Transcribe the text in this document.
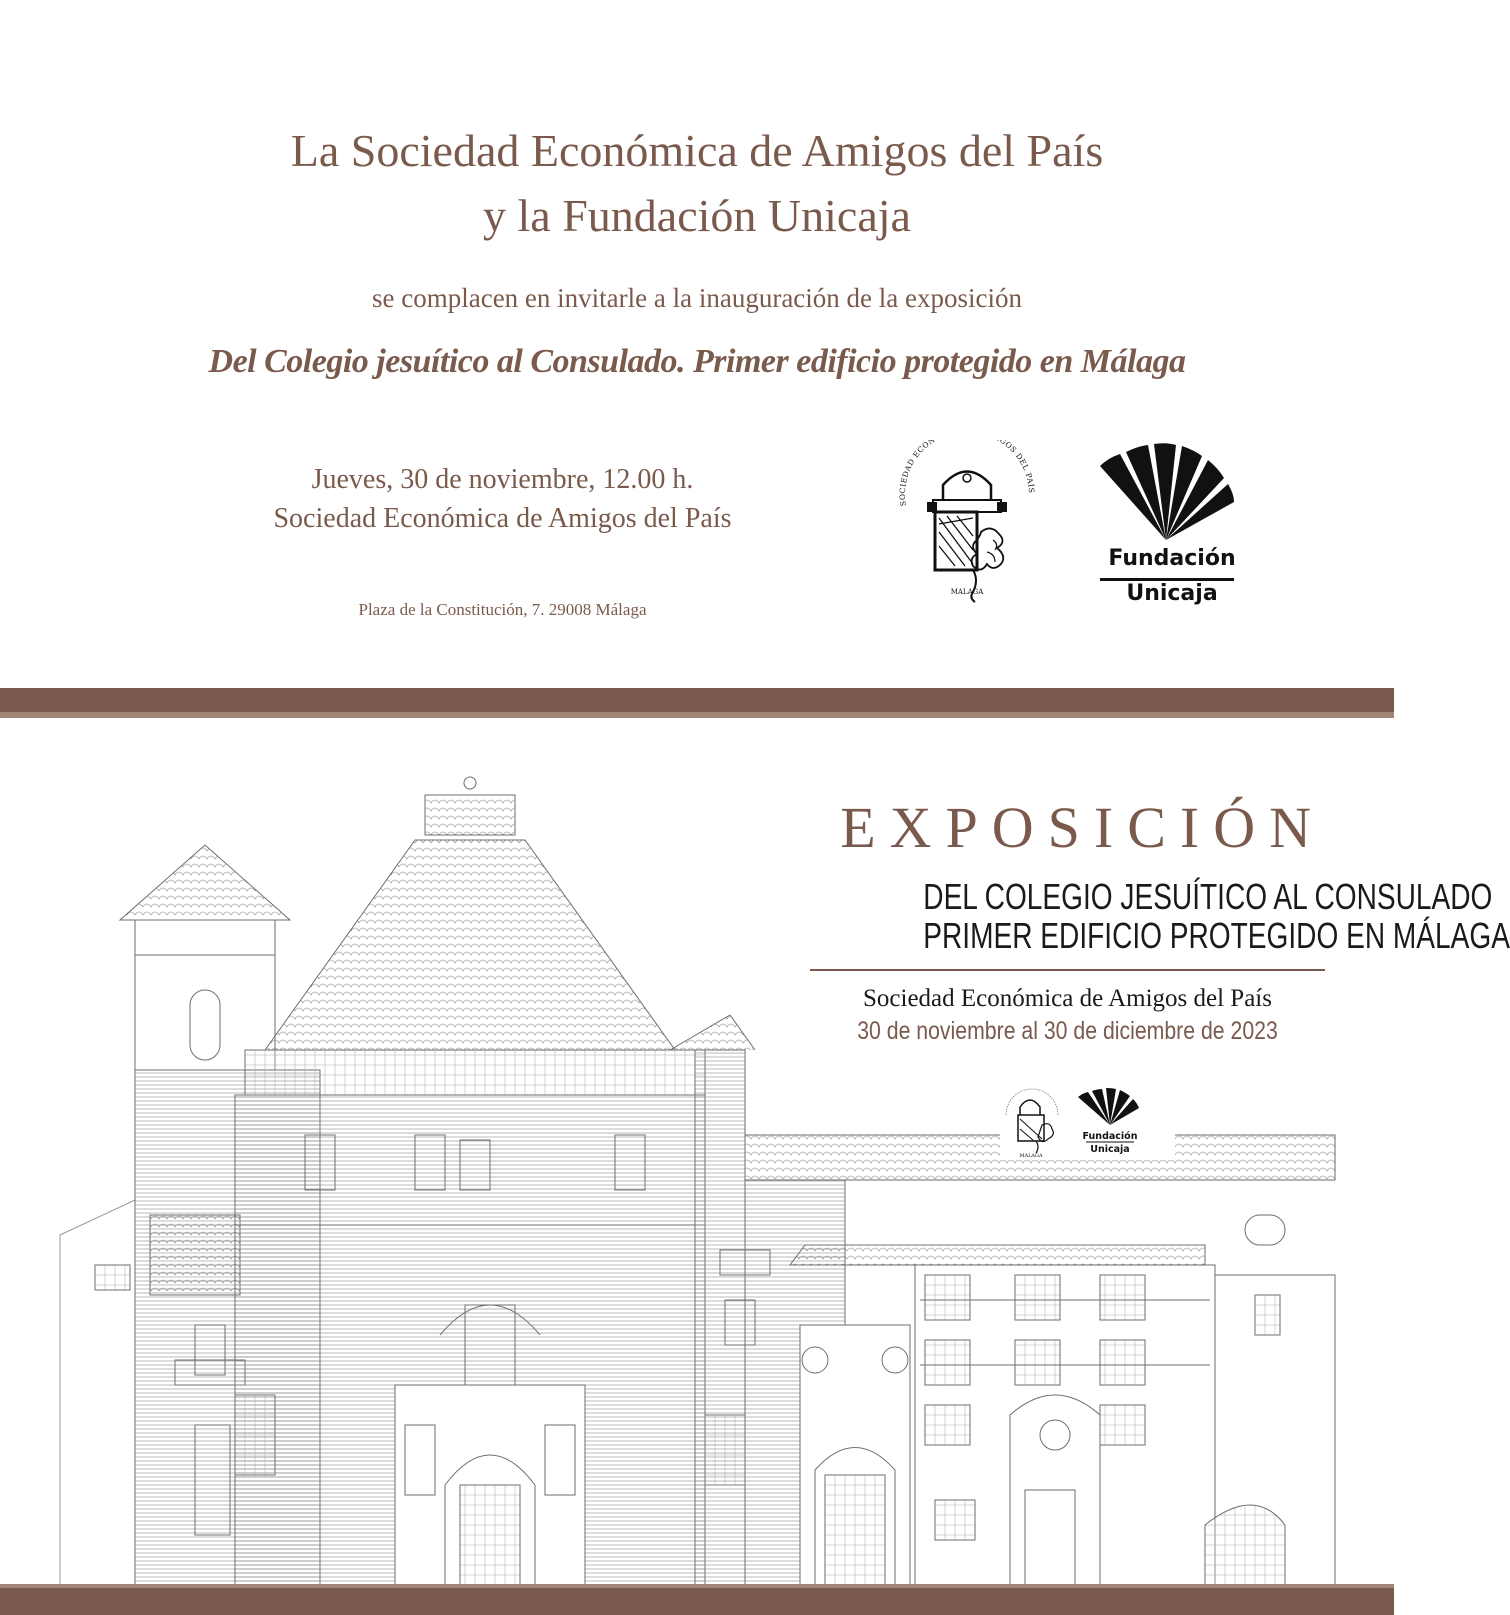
La Sociedad Económica de Amigos del País
y la Fundación Unicaja
se complacen en invitarle a la inauguración de la exposición
Del Colegio jesuítico al Consulado. Primer edificio protegido en Málaga
Jueves, 30 de noviembre, 12.00 h.
Sociedad Económica de Amigos del País
Plaza de la Constitución, 7. 29008 Málaga
SOCIEDAD ECON GOS DEL PAÍS
MALAGA
Fundación
Unicaja
EXPOSICIÓN
DEL COLEGIO JESUÍTICO AL CONSULADO
PRIMER EDIFICIO PROTEGIDO EN MÁLAGA
Sociedad Económica de Amigos del País
30 de noviembre al 30 de diciembre de 2023
Fundación
Unicaja
MALAGA
